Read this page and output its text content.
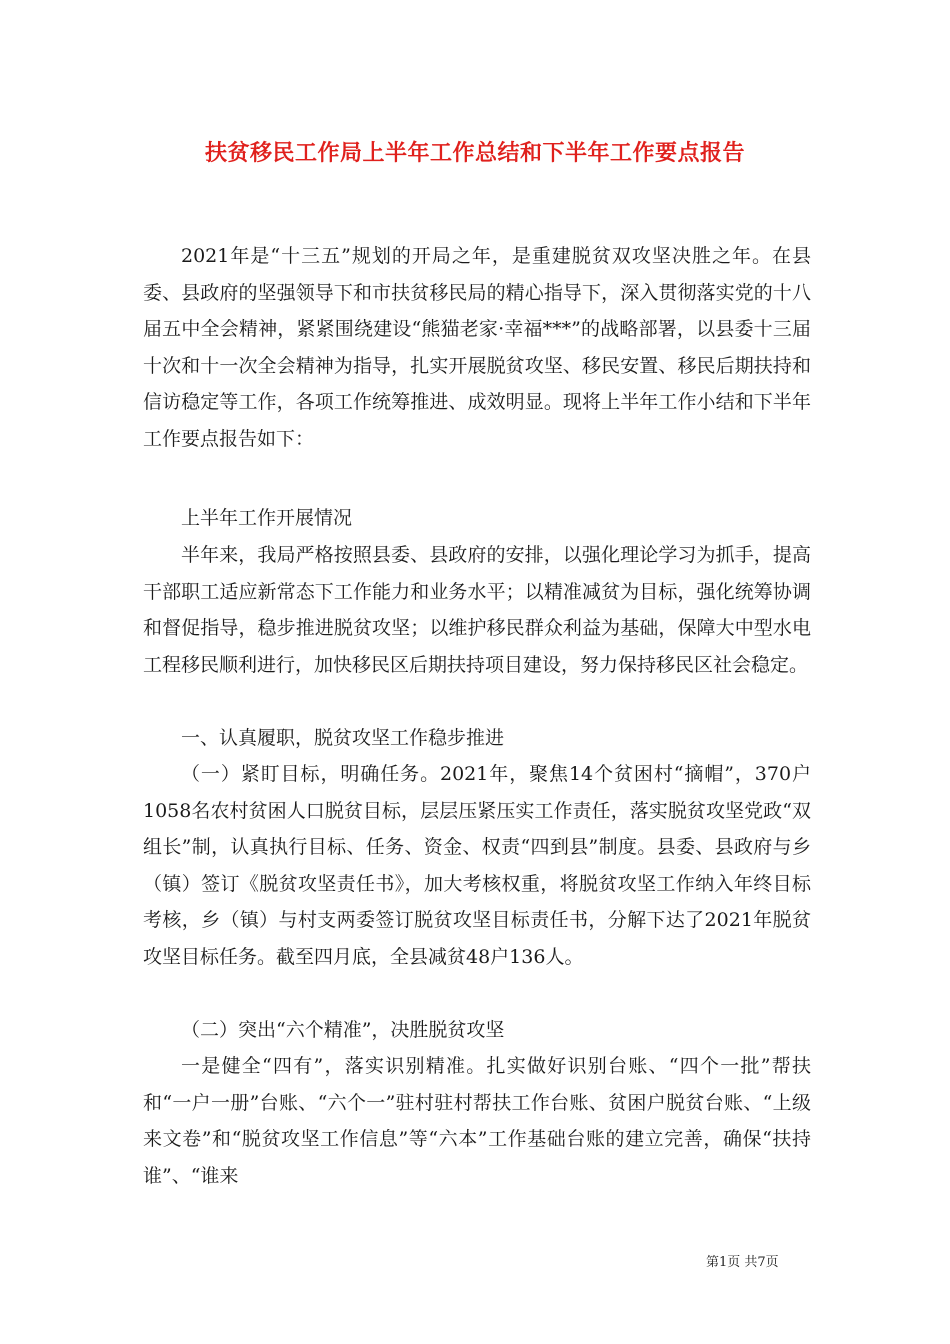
扶贫移民工作局上半年工作总结和下半年工作要点报告

2021年是“十三五”规划的开局之年，是重建脱贫双攻坚决胜之年。在县委、县政府的坚强领导下和市扶贫移民局的精心指导下，深入贯彻落实党的十八届五中全会精神，紧紧围绕建设“熊猫老家·幸福***”的战略部署，以县委十三届十次和十一次全会精神为指导，扎实开展脱贫攻坚、移民安置、移民后期扶持和信访稳定等工作，各项工作统筹推进、成效明显。现将上半年工作小结和下半年工作要点报告如下：

上半年工作开展情况

半年来，我局严格按照县委、县政府的安排，以强化理论学习为抓手，提高干部职工适应新常态下工作能力和业务水平；以精准减贫为目标，强化统筹协调和督促指导，稳步推进脱贫攻坚；以维护移民群众利益为基础，保障大中型水电工程移民顺利进行，加快移民区后期扶持项目建设，努力保持移民区社会稳定。

一、认真履职，脱贫攻坚工作稳步推进

（一）紧盯目标，明确任务。2021年，聚焦14个贫困村“摘帽”，370户1058名农村贫困人口脱贫目标，层层压紧压实工作责任，落实脱贫攻坚党政“双组长”制，认真执行目标、任务、资金、权责“四到县”制度。县委、县政府与乡（镇）签订《脱贫攻坚责任书》，加大考核权重，将脱贫攻坚工作纳入年终目标考核，乡（镇）与村支两委签订脱贫攻坚目标责任书，分解下达了2021年脱贫攻坚目标任务。截至四月底，全县减贫48户136人。

（二）突出“六个精准”，决胜脱贫攻坚

一是健全“四有”，落实识别精准。扎实做好识别台账、“四个一批”帮扶和“一户一册”台账、“六个一”驻村驻村帮扶工作台账、贫困户脱贫台账、“上级来文卷”和“脱贫攻坚工作信息”等“六本”工作基础台账的建立完善，确保“扶持谁”、“谁来

第1页 共7页
